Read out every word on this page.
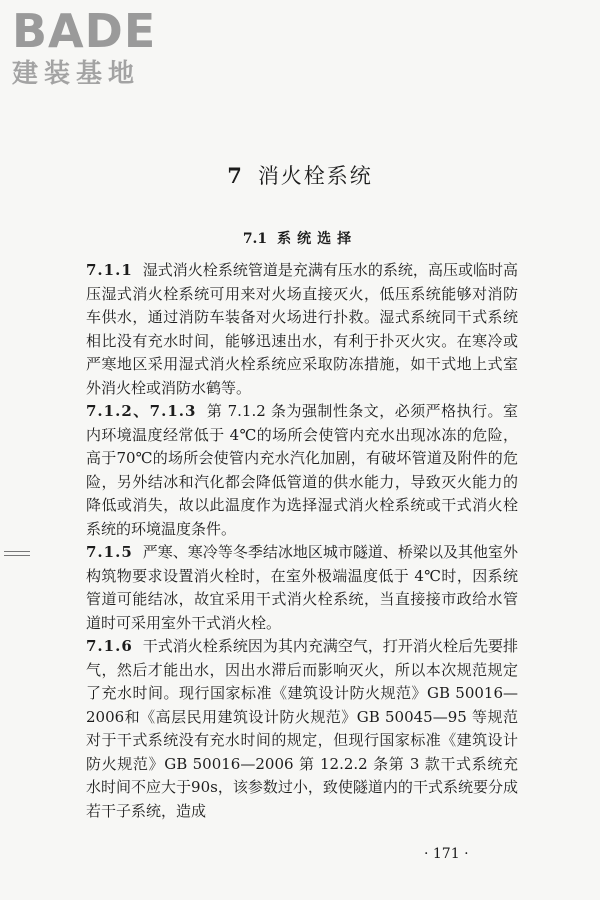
BADE
建装基地
7 消火栓系统
7.1 系统选择

7.1.1 湿式消火栓系统管道是充满有压水的系统，高压或临时高压湿式消火栓系统可用来对火场直接灭火，低压系统能够对消防车供水，通过消防车装备对火场进行扑救。湿式系统同干式系统相比没有充水时间，能够迅速出水，有利于扑灭火灾。在寒冷或严寒地区采用湿式消火栓系统应采取防冻措施，如干式地上式室外消火栓或消防水鹤等。

7.1.2、7.1.3 第 7.1.2 条为强制性条文，必须严格执行。室内环境温度经常低于 4℃的场所会使管内充水出现冰冻的危险，高于70℃的场所会使管内充水汽化加剧，有破坏管道及附件的危险，另外结冰和汽化都会降低管道的供水能力，导致灭火能力的降低或消失，故以此温度作为选择湿式消火栓系统或干式消火栓系统的环境温度条件。

7.1.5 严寒、寒冷等冬季结冰地区城市隧道、桥梁以及其他室外构筑物要求设置消火栓时，在室外极端温度低于 4℃时，因系统管道可能结冰，故宜采用干式消火栓系统，当直接接市政给水管道时可采用室外干式消火栓。

7.1.6 干式消火栓系统因为其内充满空气，打开消火栓后先要排气，然后才能出水，因出水滞后而影响灭火，所以本次规范规定了充水时间。现行国家标准《建筑设计防火规范》GB 50016—2006和《高层民用建筑设计防火规范》GB 50045—95 等规范对于干式系统没有充水时间的规定，但现行国家标准《建筑设计防火规范》GB 50016—2006 第 12.2.2 条第 3 款干式系统充水时间不应大于90s，该参数过小，致使隧道内的干式系统要分成若干子系统，造成

· 171 ·
